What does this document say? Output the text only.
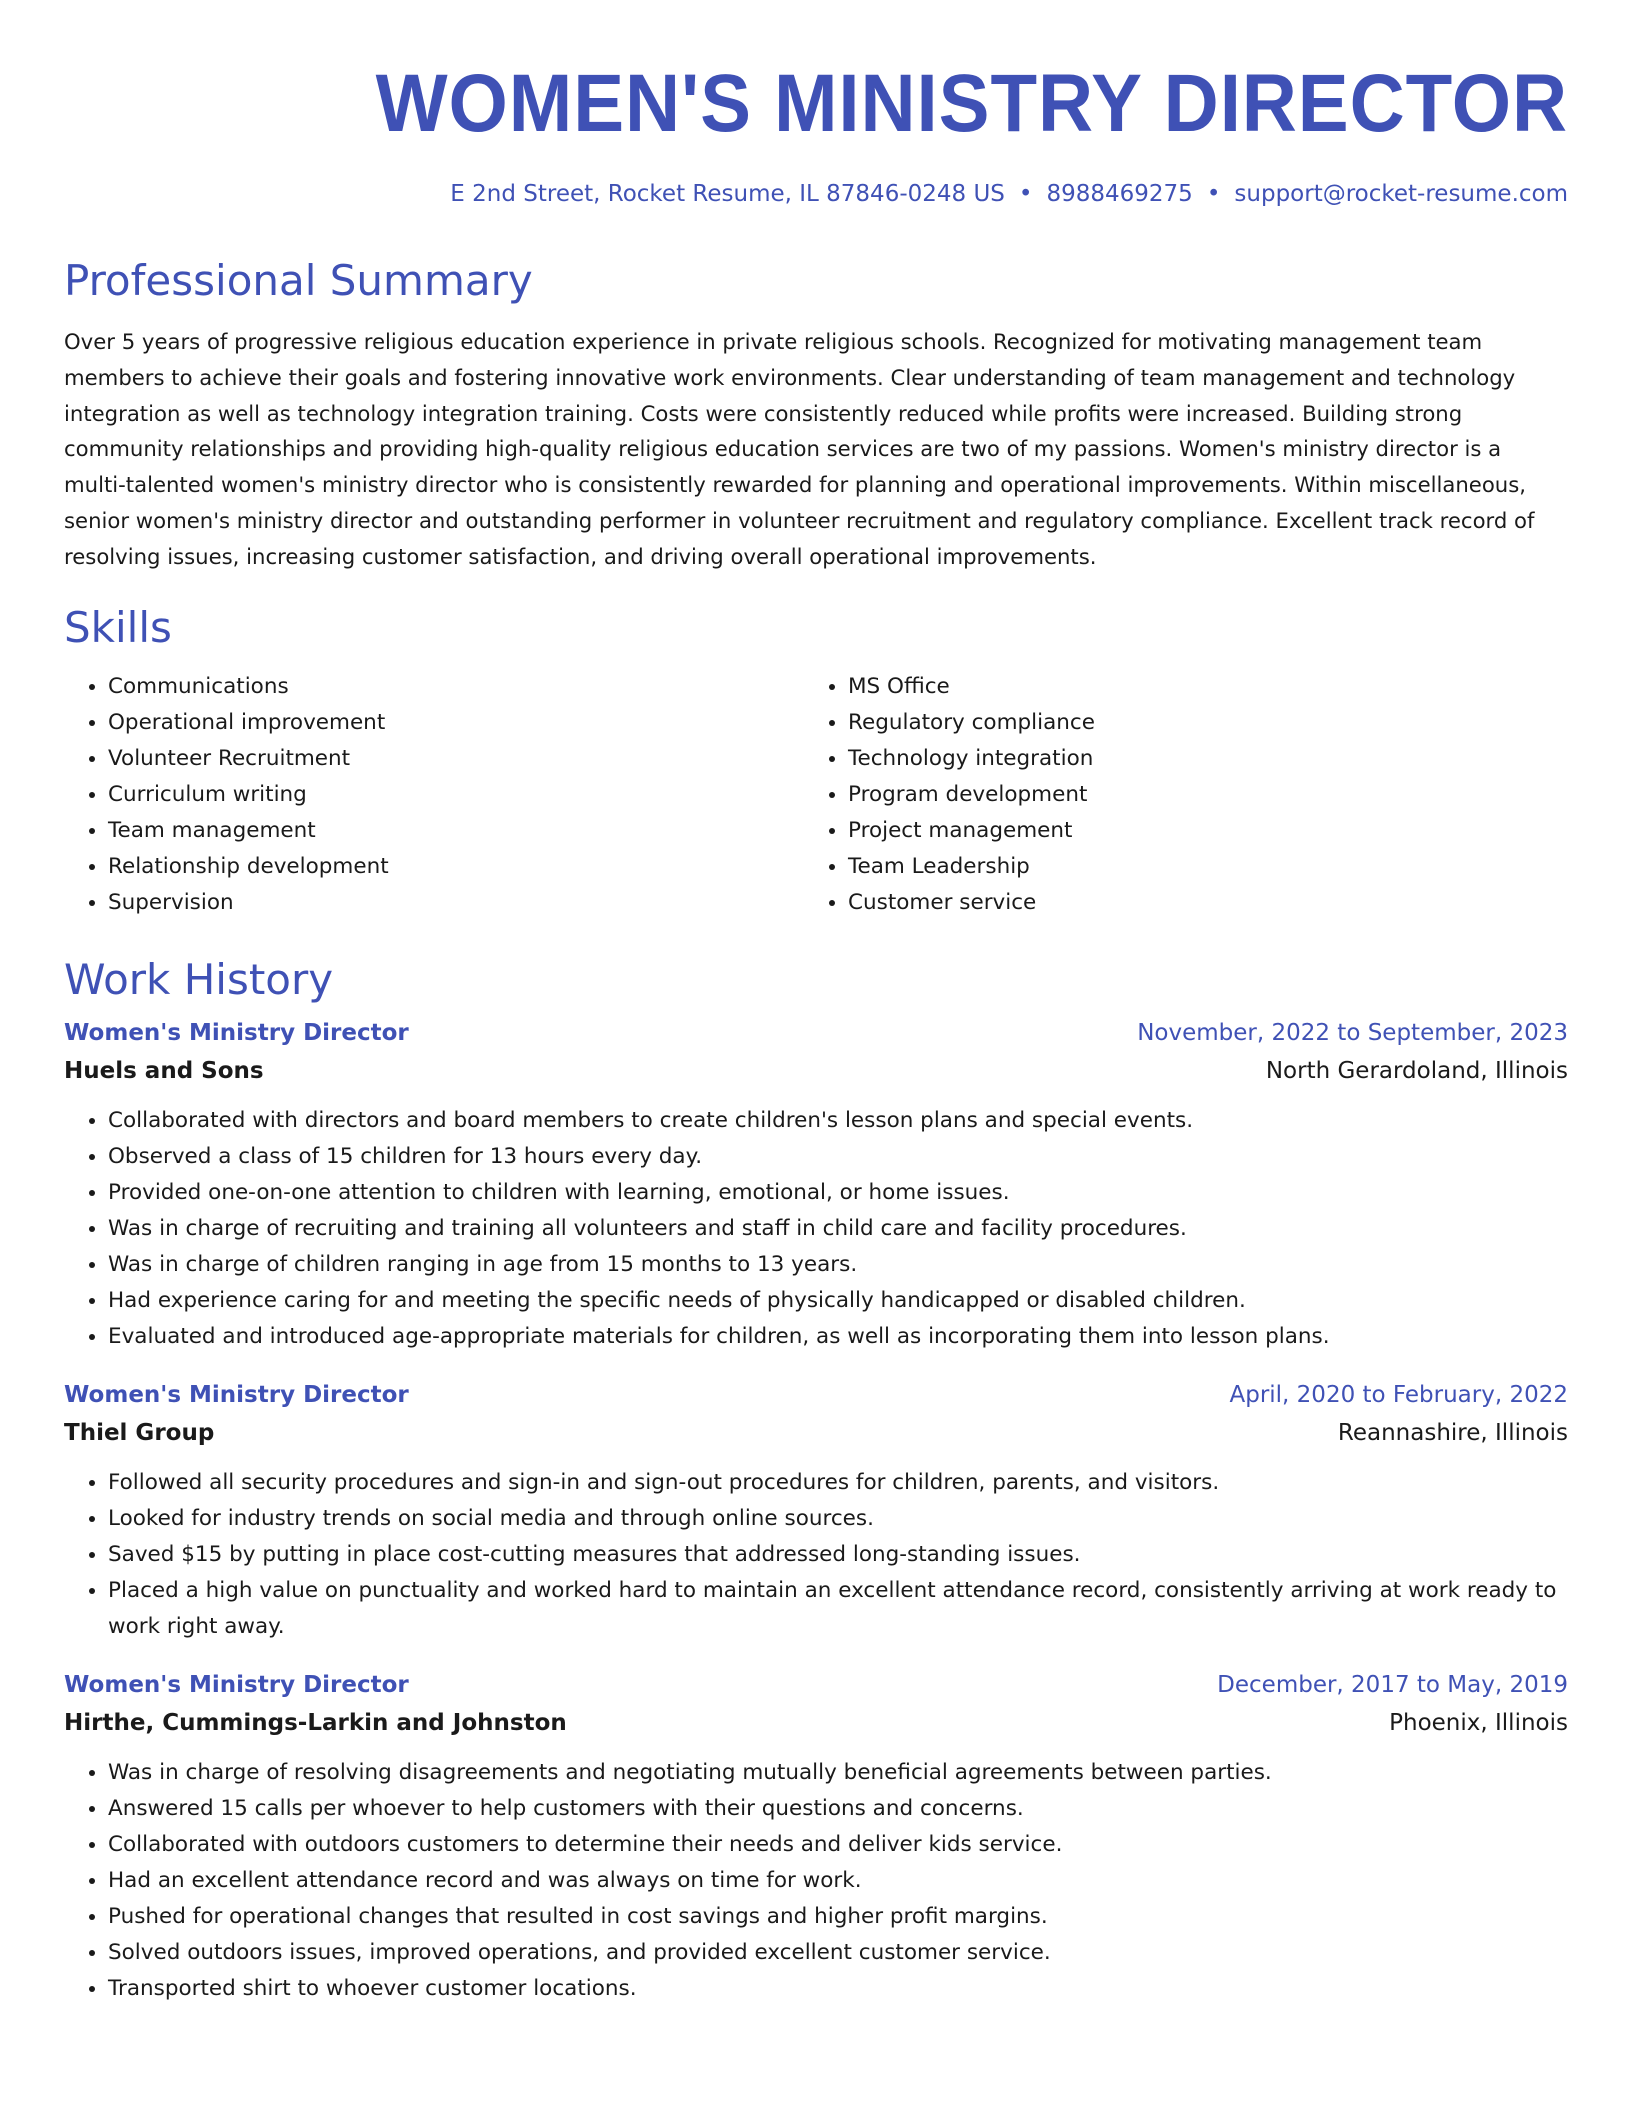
WOMEN'S MINISTRY DIRECTOR
E 2nd Street, Rocket Resume, IL 87846-0248 US • 8988469275 • support@rocket-resume.com
Professional Summary

Over 5 years of progressive religious education experience in private religious schools. Recognized for motivating management team members to achieve their goals and fostering innovative work environments. Clear understanding of team management and technology integration as well as technology integration training. Costs were consistently reduced while profits were increased. Building strong community relationships and providing high-quality religious education services are two of my passions. Women's ministry director is a multi-talented women's ministry director who is consistently rewarded for planning and operational improvements. Within miscellaneous, senior women's ministry director and outstanding performer in volunteer recruitment and regulatory compliance. Excellent track record of resolving issues, increasing customer satisfaction, and driving overall operational improvements.

Skills
• Communications
• Operational improvement
• Volunteer Recruitment
• Curriculum writing
• Team management
• Relationship development
• Supervision
• MS Office
• Regulatory compliance
• Technology integration
• Program development
• Project management
• Team Leadership
• Customer service
Work History
Women's Ministry Director	November, 2022 to September, 2023
Huels and Sons	North Gerardoland, Illinois
• Collaborated with directors and board members to create children's lesson plans and special events.
• Observed a class of 15 children for 13 hours every day.
• Provided one-on-one attention to children with learning, emotional, or home issues.
• Was in charge of recruiting and training all volunteers and staff in child care and facility procedures.
• Was in charge of children ranging in age from 15 months to 13 years.
• Had experience caring for and meeting the specific needs of physically handicapped or disabled children.
• Evaluated and introduced age-appropriate materials for children, as well as incorporating them into lesson plans.
Women's Ministry Director	April, 2020 to February, 2022
Thiel Group	Reannashire, Illinois
• Followed all security procedures and sign-in and sign-out procedures for children, parents, and visitors.
• Looked for industry trends on social media and through online sources.
• Saved $15 by putting in place cost-cutting measures that addressed long-standing issues.
• Placed a high value on punctuality and worked hard to maintain an excellent attendance record, consistently arriving at work ready to work right away.
Women's Ministry Director	December, 2017 to May, 2019
Hirthe, Cummings-Larkin and Johnston	Phoenix, Illinois
• Was in charge of resolving disagreements and negotiating mutually beneficial agreements between parties.
• Answered 15 calls per whoever to help customers with their questions and concerns.
• Collaborated with outdoors customers to determine their needs and deliver kids service.
• Had an excellent attendance record and was always on time for work.
• Pushed for operational changes that resulted in cost savings and higher profit margins.
• Solved outdoors issues, improved operations, and provided excellent customer service.
• Transported shirt to whoever customer locations.
